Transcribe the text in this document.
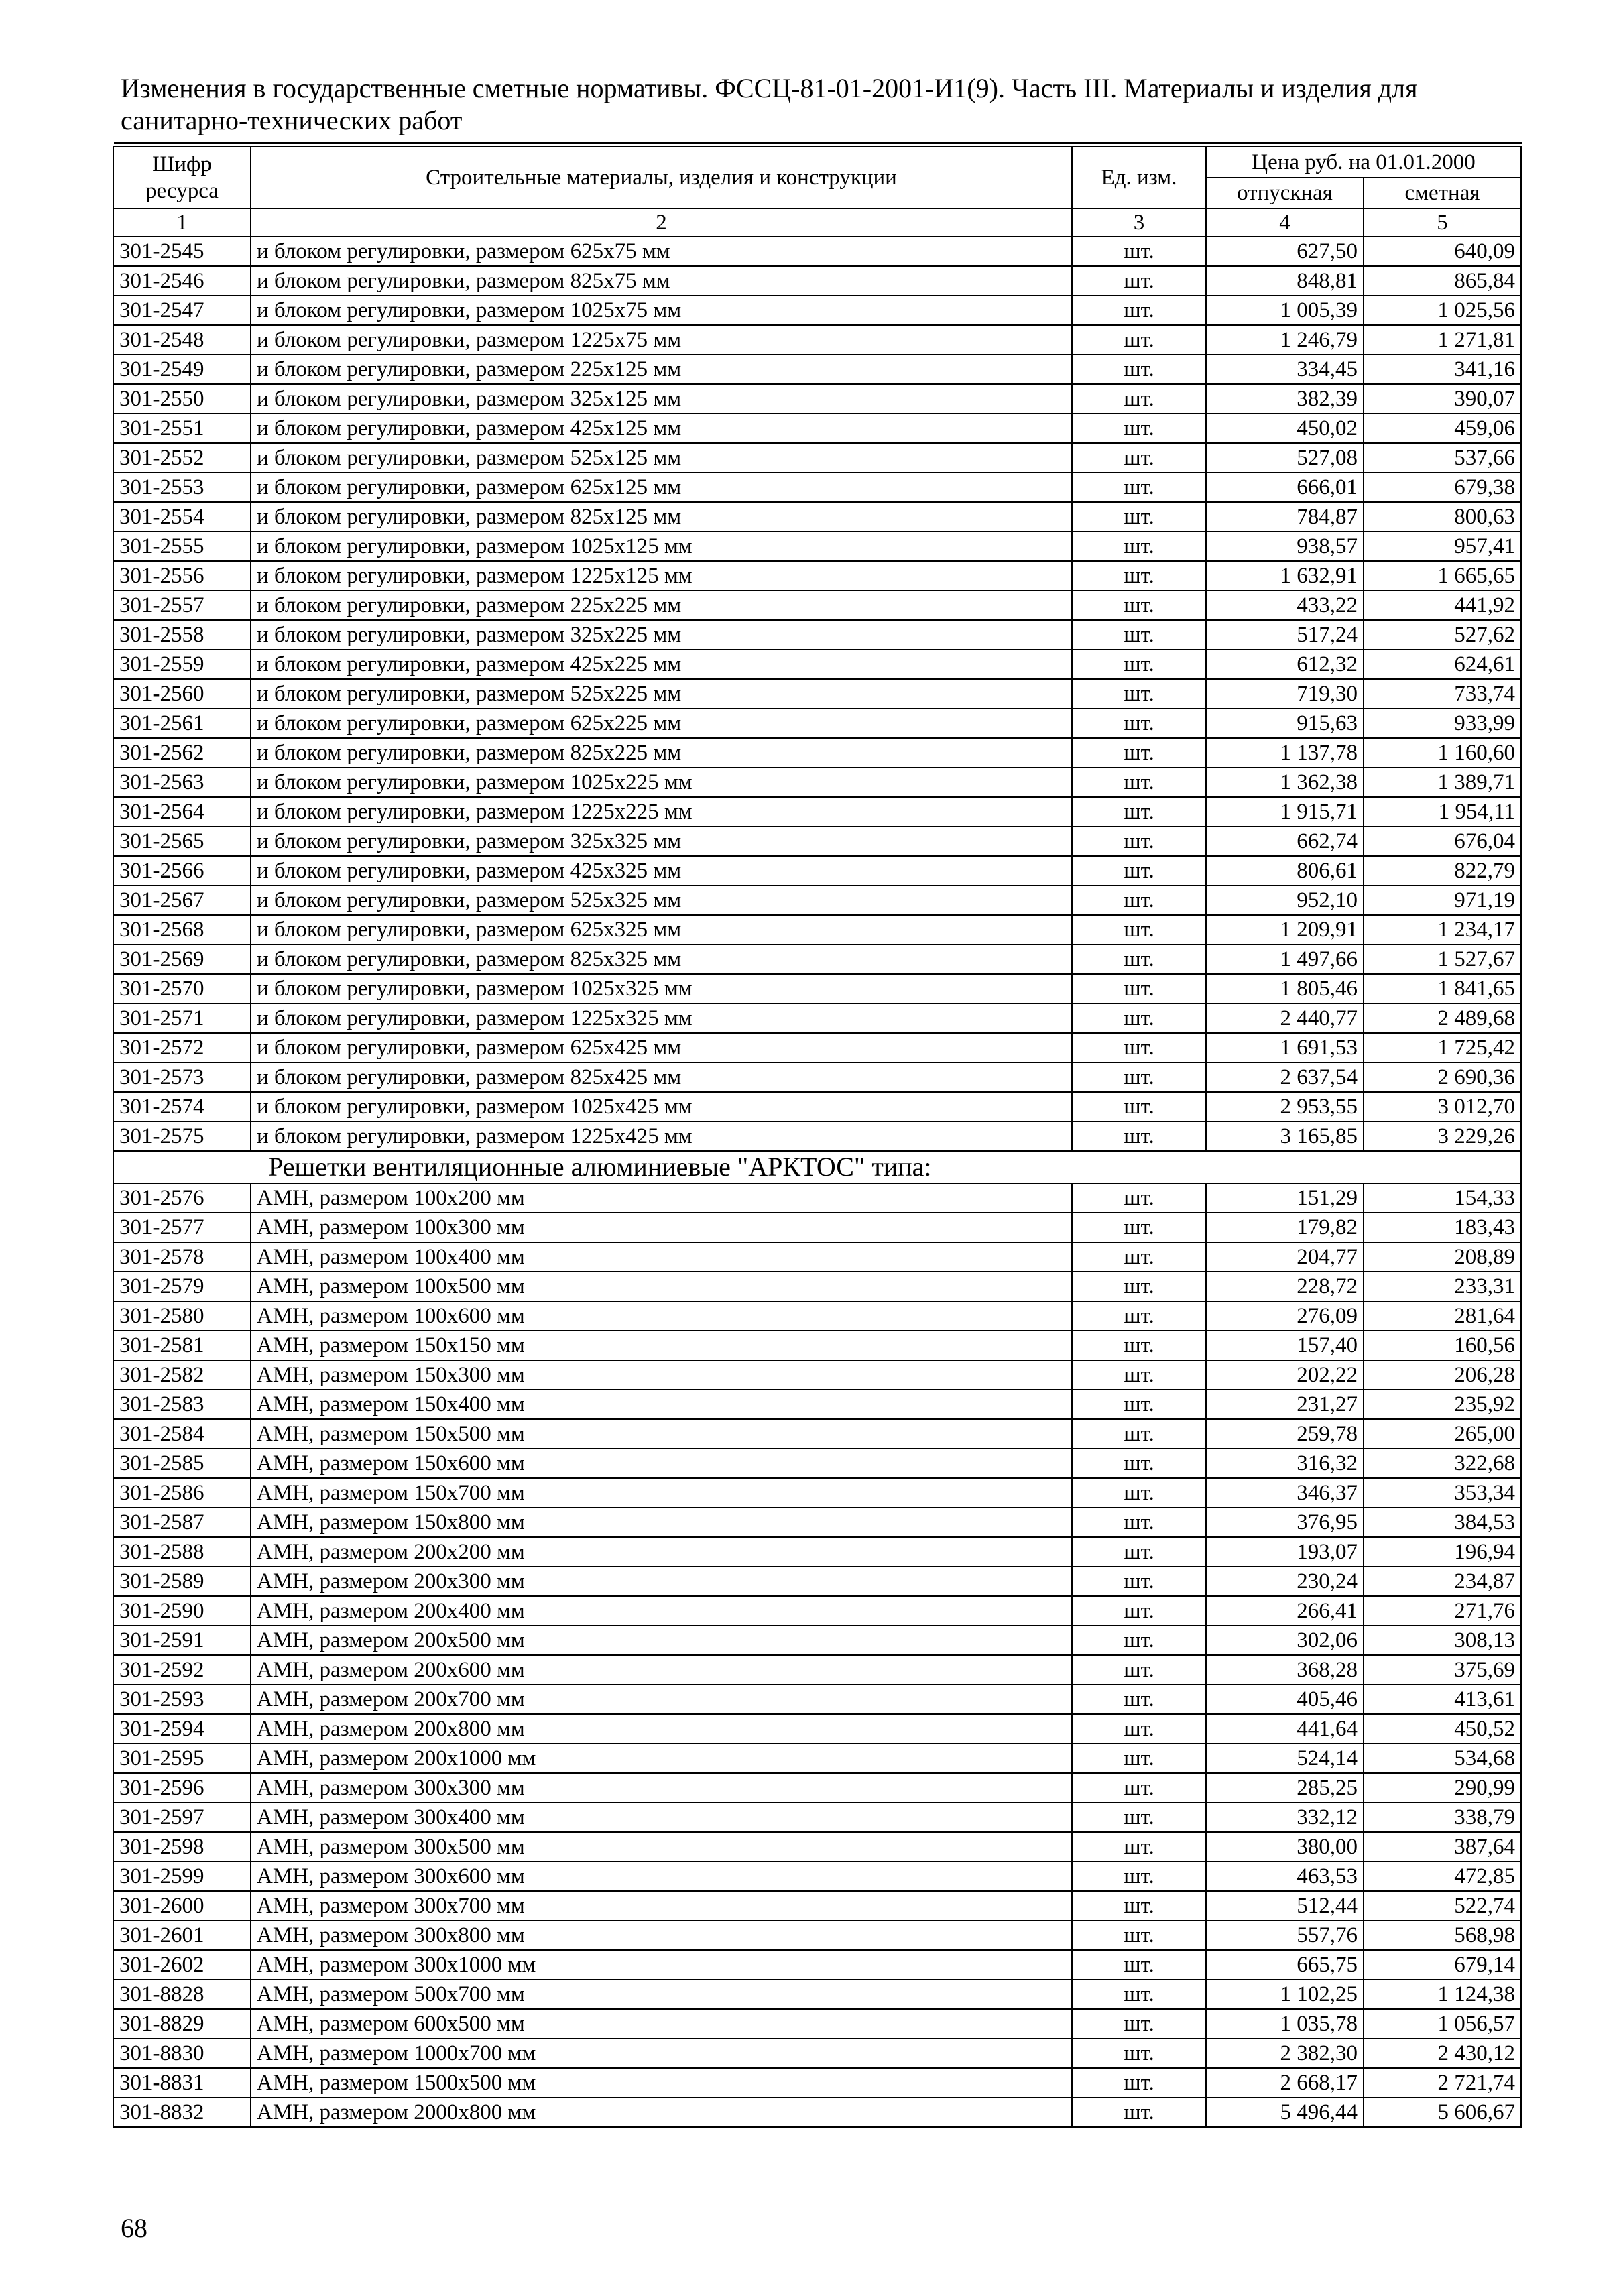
Изменения в государственные сметные нормативы. ФССЦ-81-01-2001-И1(9). Часть III. Материалы и изделия для санитарно-технических работ
Шифр ресурса	Строительные материалы, изделия и конструкции	Ед. изм.	Цена руб. на 01.01.2000	
			отпускная	сметная
1	2	3	4	5
301-2545	и блоком регулировки, размером 625х75 мм	шт.	627,50	640,09
301-2546	и блоком регулировки, размером 825х75 мм	шт.	848,81	865,84
301-2547	и блоком регулировки, размером 1025х75 мм	шт.	1 005,39	1 025,56
301-2548	и блоком регулировки, размером 1225х75 мм	шт.	1 246,79	1 271,81
301-2549	и блоком регулировки, размером 225х125 мм	шт.	334,45	341,16
301-2550	и блоком регулировки, размером 325х125 мм	шт.	382,39	390,07
301-2551	и блоком регулировки, размером 425х125 мм	шт.	450,02	459,06
301-2552	и блоком регулировки, размером 525х125 мм	шт.	527,08	537,66
301-2553	и блоком регулировки, размером 625х125 мм	шт.	666,01	679,38
301-2554	и блоком регулировки, размером 825х125 мм	шт.	784,87	800,63
301-2555	и блоком регулировки, размером 1025х125 мм	шт.	938,57	957,41
301-2556	и блоком регулировки, размером 1225х125 мм	шт.	1 632,91	1 665,65
301-2557	и блоком регулировки, размером 225х225 мм	шт.	433,22	441,92
301-2558	и блоком регулировки, размером 325х225 мм	шт.	517,24	527,62
301-2559	и блоком регулировки, размером 425х225 мм	шт.	612,32	624,61
301-2560	и блоком регулировки, размером 525х225 мм	шт.	719,30	733,74
301-2561	и блоком регулировки, размером 625х225 мм	шт.	915,63	933,99
301-2562	и блоком регулировки, размером 825х225 мм	шт.	1 137,78	1 160,60
301-2563	и блоком регулировки, размером 1025х225 мм	шт.	1 362,38	1 389,71
301-2564	и блоком регулировки, размером 1225х225 мм	шт.	1 915,71	1 954,11
301-2565	и блоком регулировки, размером 325х325 мм	шт.	662,74	676,04
301-2566	и блоком регулировки, размером 425х325 мм	шт.	806,61	822,79
301-2567	и блоком регулировки, размером 525х325 мм	шт.	952,10	971,19
301-2568	и блоком регулировки, размером 625х325 мм	шт.	1 209,91	1 234,17
301-2569	и блоком регулировки, размером 825х325 мм	шт.	1 497,66	1 527,67
301-2570	и блоком регулировки, размером 1025х325 мм	шт.	1 805,46	1 841,65
301-2571	и блоком регулировки, размером 1225х325 мм	шт.	2 440,77	2 489,68
301-2572	и блоком регулировки, размером 625х425 мм	шт.	1 691,53	1 725,42
301-2573	и блоком регулировки, размером 825х425 мм	шт.	2 637,54	2 690,36
301-2574	и блоком регулировки, размером 1025х425 мм	шт.	2 953,55	3 012,70
301-2575	и блоком регулировки, размером 1225х425 мм	шт.	3 165,85	3 229,26
Решетки вентиляционные алюминиевые "АРКТОС" типа:				
301-2576	АМН, размером 100х200 мм	шт.	151,29	154,33
301-2577	АМН, размером 100х300 мм	шт.	179,82	183,43
301-2578	АМН, размером 100х400 мм	шт.	204,77	208,89
301-2579	АМН, размером 100х500 мм	шт.	228,72	233,31
301-2580	АМН, размером 100х600 мм	шт.	276,09	281,64
301-2581	АМН, размером 150х150 мм	шт.	157,40	160,56
301-2582	АМН, размером 150х300 мм	шт.	202,22	206,28
301-2583	АМН, размером 150х400 мм	шт.	231,27	235,92
301-2584	АМН, размером 150х500 мм	шт.	259,78	265,00
301-2585	АМН, размером 150х600 мм	шт.	316,32	322,68
301-2586	АМН, размером 150х700 мм	шт.	346,37	353,34
301-2587	АМН, размером 150х800 мм	шт.	376,95	384,53
301-2588	АМН, размером 200х200 мм	шт.	193,07	196,94
301-2589	АМН, размером 200х300 мм	шт.	230,24	234,87
301-2590	АМН, размером 200х400 мм	шт.	266,41	271,76
301-2591	АМН, размером 200х500 мм	шт.	302,06	308,13
301-2592	АМН, размером 200х600 мм	шт.	368,28	375,69
301-2593	АМН, размером 200х700 мм	шт.	405,46	413,61
301-2594	АМН, размером 200х800 мм	шт.	441,64	450,52
301-2595	АМН, размером 200х1000 мм	шт.	524,14	534,68
301-2596	АМН, размером 300х300 мм	шт.	285,25	290,99
301-2597	АМН, размером 300х400 мм	шт.	332,12	338,79
301-2598	АМН, размером 300х500 мм	шт.	380,00	387,64
301-2599	АМН, размером 300х600 мм	шт.	463,53	472,85
301-2600	АМН, размером 300х700 мм	шт.	512,44	522,74
301-2601	АМН, размером 300х800 мм	шт.	557,76	568,98
301-2602	АМН, размером 300х1000 мм	шт.	665,75	679,14
301-8828	АМН, размером 500х700 мм	шт.	1 102,25	1 124,38
301-8829	АМН, размером 600х500 мм	шт.	1 035,78	1 056,57
301-8830	АМН, размером 1000х700 мм	шт.	2 382,30	2 430,12
301-8831	АМН, размером 1500х500 мм	шт.	2 668,17	2 721,74
301-8832	АМН, размером 2000х800 мм	шт.	5 496,44	5 606,67
68
